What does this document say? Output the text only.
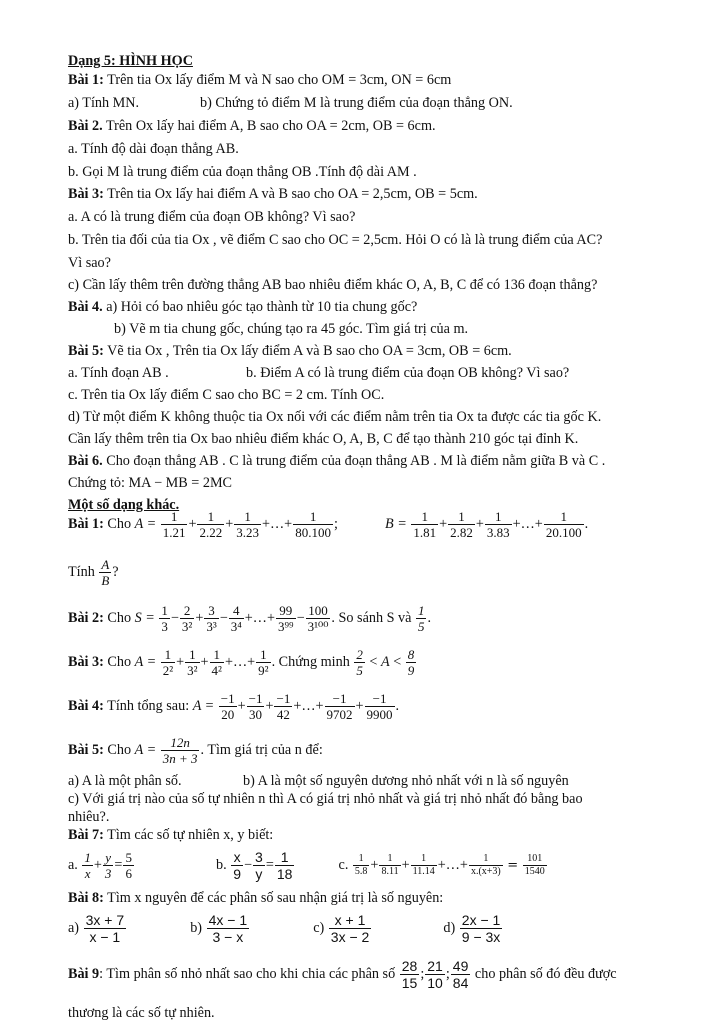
Dạng 5: HÌNH HỌC
Bài 1: Trên tia Ox lấy điểm M và N sao cho OM = 3cm, ON = 6cm
a) Tính MN.	b) Chứng tỏ điểm M là trung điểm của đoạn thẳng ON.
Bài 2. Trên Ox lấy hai điểm A, B sao cho OA = 2cm, OB = 6cm.
a. Tính độ dài đoạn thẳng AB.
b. Gọi M là trung điểm của đoạn thẳng OB .Tính độ dài AM .
Bài 3: Trên tia Ox lấy hai điểm A và B sao cho OA = 2,5cm, OB = 5cm.
a. A có là trung điểm của đoạn OB không? Vì sao?
b. Trên tia đối của tia Ox , vẽ điểm C sao cho OC = 2,5cm. Hỏi O có là là trung điểm của AC?
Vì sao?
c) Cần lấy thêm trên đường thẳng AB bao nhiêu điểm khác O, A, B, C để có 136 đoạn thẳng?
Bài 4. a) Hỏi có bao nhiêu góc tạo thành từ 10 tia chung gốc?
b) Vẽ m tia chung gốc, chúng tạo ra 45 góc. Tìm giá trị của m.
Bài 5: Vẽ tia Ox , Trên tia Ox lấy điểm A và B sao cho OA = 3cm, OB = 6cm.
a. Tính đoạn AB .	b. Điểm A có là trung điểm của đoạn OB không? Vì sao?
c. Trên tia Ox lấy điểm C sao cho BC = 2 cm. Tính OC.
d) Từ một điểm K không thuộc tia Ox nối với các điểm nằm trên tia Ox ta được các tia gốc K.
Cần lấy thêm trên tia Ox bao nhiêu điểm khác O, A, B, C để tạo thành 210 góc tại đỉnh K.
Bài 6. Cho đoạn thẳng AB . C là trung điểm của đoạn thẳng AB . M là điểm nằm giữa B và C .
Chứng tỏ: MA − MB = 2MC
Một số dạng khác.
Bài 1: Cho $A = \frac{1}{1.21} + \frac{1}{2.22} + \frac{1}{3.23}$ +…+ $\frac{1}{80.100}$ ;	$B = \frac{1}{1.81} + \frac{1}{2.82} + \frac{1}{3.83}$ +…+ $\frac{1}{20.100}$ .
Tính $\frac{A}{B}$ ?
Bài 2: Cho $S = \frac{1}{3} - \frac{2}{\text{3²}} + \frac{3}{\text{3³}} - \frac{4}{\text{3⁴}}$ +…+ $\frac{99}{\text{3⁹⁹}} - \frac{100}{\text{3¹⁰⁰}}$ . So sánh S và $\frac{1}{5}$ .
Bài 3: Cho $A = \frac{1}{\text{2²}} + \frac{1}{\text{3²}} + \frac{1}{\text{4²}}$ +…+ $\frac{1}{\text{9²}}$ . Chứng minh $\frac{2}{5} < A < \frac{8}{9}$
Bài 4: Tính tổng sau: $A = \frac{-1}{20} + \frac{-1}{30} + \frac{-1}{42}$ +…+ $\frac{-1}{9702} + \frac{-1}{9900}$ .
Bài 5: Cho $A = \frac{12n}{3n + 3}$ . Tìm giá trị của n để:
a) A là một phân số.	b) A là một số nguyên dương nhỏ nhất với n là số nguyên
c) Với giá trị nào của số tự nhiên n thì A có giá trị nhỏ nhất và giá trị nhỏ nhất đó bằng bao
nhiêu?.
Bài 7: Tìm các số tự nhiên x, y biết:
a. $\frac{1}{x} + \frac{y}{3} = \frac{5}{6}$	b. $\frac{x}{9} - \frac{3}{y} = \frac{1}{18}$	c. $\frac{1}{5.8} + \frac{1}{8.11} + \frac{1}{11.14}$ +…+ $\frac{1}{x.(x+3)} = \frac{101}{1540}$
Bài 8: Tìm x nguyên để các phân số sau nhận giá trị là số nguyên:
$a) \frac{3x + 7}{x - 1}$	$b) \frac{4x - 1}{3 - x}$	$c) \frac{x + 1}{3x - 2}$	$d) \frac{2x - 1}{9 - 3x}$
Bài 9: Tìm phân số nhỏ nhất sao cho khi chia các phân số $\frac{28}{15}$ ; $\frac{21}{10}$ ; $\frac{49}{84}$ cho phân số đó đều được
thương là các số tự nhiên.
